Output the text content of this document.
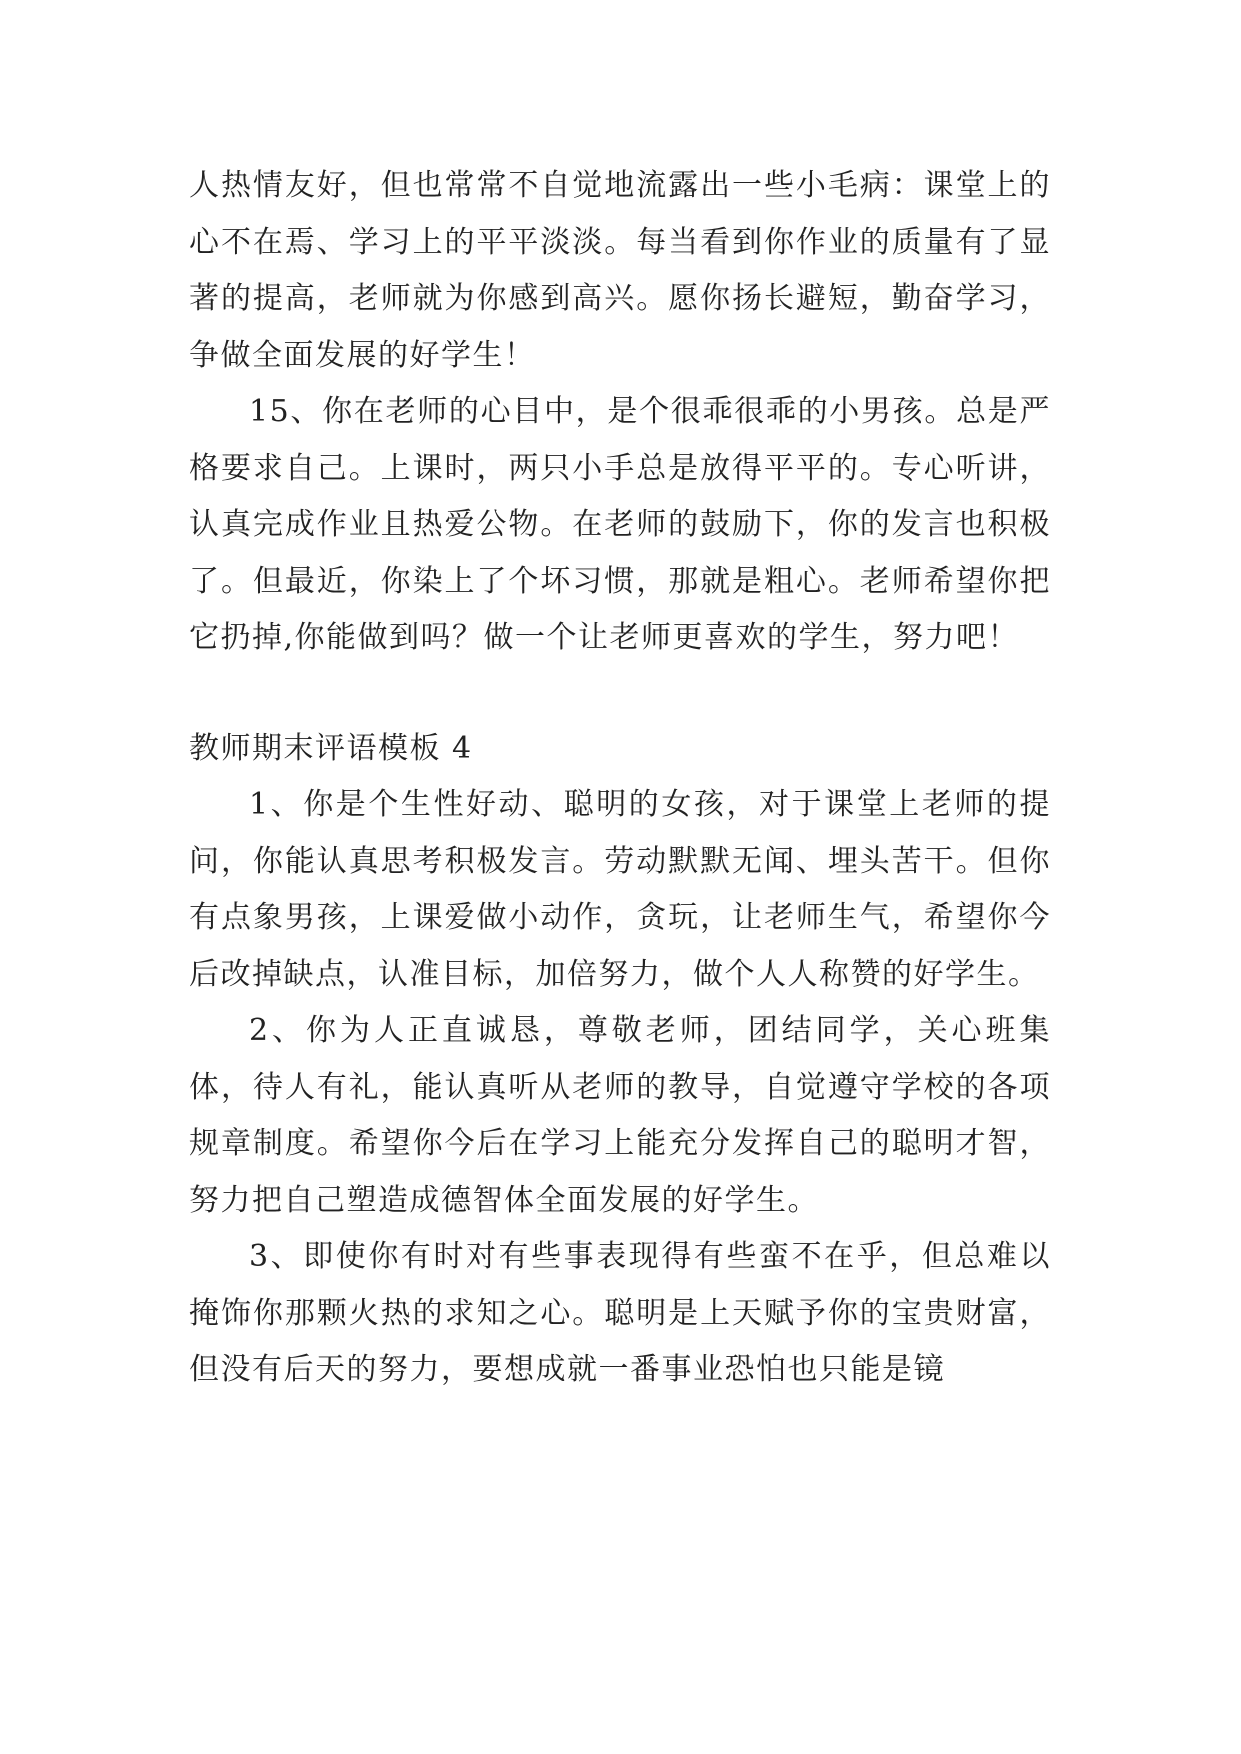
人热情友好，但也常常不自觉地流露出一些小毛病：课堂上的心不在焉、学习上的平平淡淡。每当看到你作业的质量有了显著的提高，老师就为你感到高兴。愿你扬长避短，勤奋学习，争做全面发展的好学生！

15、你在老师的心目中，是个很乖很乖的小男孩。总是严格要求自己。上课时，两只小手总是放得平平的。专心听讲，认真完成作业且热爱公物。在老师的鼓励下，你的发言也积极了。但最近，你染上了个坏习惯，那就是粗心。老师希望你把它扔掉,你能做到吗？做一个让老师更喜欢的学生，努力吧！

教师期末评语模板 4

1、你是个生性好动、聪明的女孩，对于课堂上老师的提问，你能认真思考积极发言。劳动默默无闻、埋头苦干。但你有点象男孩，上课爱做小动作，贪玩，让老师生气，希望你今后改掉缺点，认准目标，加倍努力，做个人人称赞的好学生。

2、你为人正直诚恳，尊敬老师，团结同学，关心班集体，待人有礼，能认真听从老师的教导，自觉遵守学校的各项规章制度。希望你今后在学习上能充分发挥自己的聪明才智，努力把自己塑造成德智体全面发展的好学生。

3、即使你有时对有些事表现得有些蛮不在乎，但总难以掩饰你那颗火热的求知之心。聪明是上天赋予你的宝贵财富，但没有后天的努力，要想成就一番事业恐怕也只能是镜
